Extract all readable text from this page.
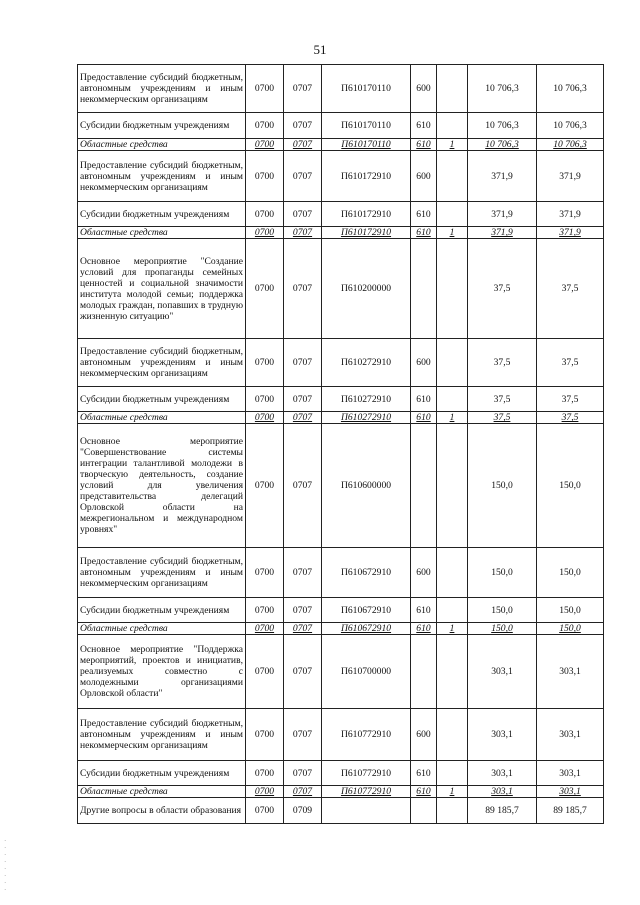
51
Предоставление субсидий бюджетным, автономным учреждениям и иным некоммерческим организациям	0700	0707	П610170110	600		10 706,3	10 706,3
Субсидии бюджетным учреждениям	0700	0707	П610170110	610		10 706,3	10 706,3
Областные средства	0700	0707	П610170110	610	1	10 706,3	10 706,3
Предоставление субсидий бюджетным, автономным учреждениям и иным некоммерческим организациям	0700	0707	П610172910	600		371,9	371,9
Субсидии бюджетным учреждениям	0700	0707	П610172910	610		371,9	371,9
Областные средства	0700	0707	П610172910	610	1	371,9	371,9
Основное мероприятие "Создание условий для пропаганды семейных ценностей и социальной значимости института молодой семьи; поддержка молодых граждан, попавших в трудную жизненную ситуацию"	0700	0707	П610200000			37,5	37,5
Предоставление субсидий бюджетным, автономным учреждениям и иным некоммерческим организациям	0700	0707	П610272910	600		37,5	37,5
Субсидии бюджетным учреждениям	0700	0707	П610272910	610		37,5	37,5
Областные средства	0700	0707	П610272910	610	1	37,5	37,5
Основное мероприятие "Совершенствование системы интеграции талантливой молодежи в творческую деятельность, создание условий для увеличения представительства делегаций Орловской области на межрегиональном и международном уровнях"	0700	0707	П610600000			150,0	150,0
Предоставление субсидий бюджетным, автономным учреждениям и иным некоммерческим организациям	0700	0707	П610672910	600		150,0	150,0
Субсидии бюджетным учреждениям	0700	0707	П610672910	610		150,0	150,0
Областные средства	0700	0707	П610672910	610	1	150,0	150,0
Основное мероприятие "Поддержка мероприятий, проектов и инициатив, реализуемых совместно с молодежными организациями Орловской области"	0700	0707	П610700000			303,1	303,1
Предоставление субсидий бюджетным, автономным учреждениям и иным некоммерческим организациям	0700	0707	П610772910	600		303,1	303,1
Субсидии бюджетным учреждениям	0700	0707	П610772910	610		303,1	303,1
Областные средства	0700	0707	П610772910	610	1	303,1	303,1
Другие вопросы в области образования	0700	0709				89 185,7	89 185,7
·
·
·
·
·
·
·
·
